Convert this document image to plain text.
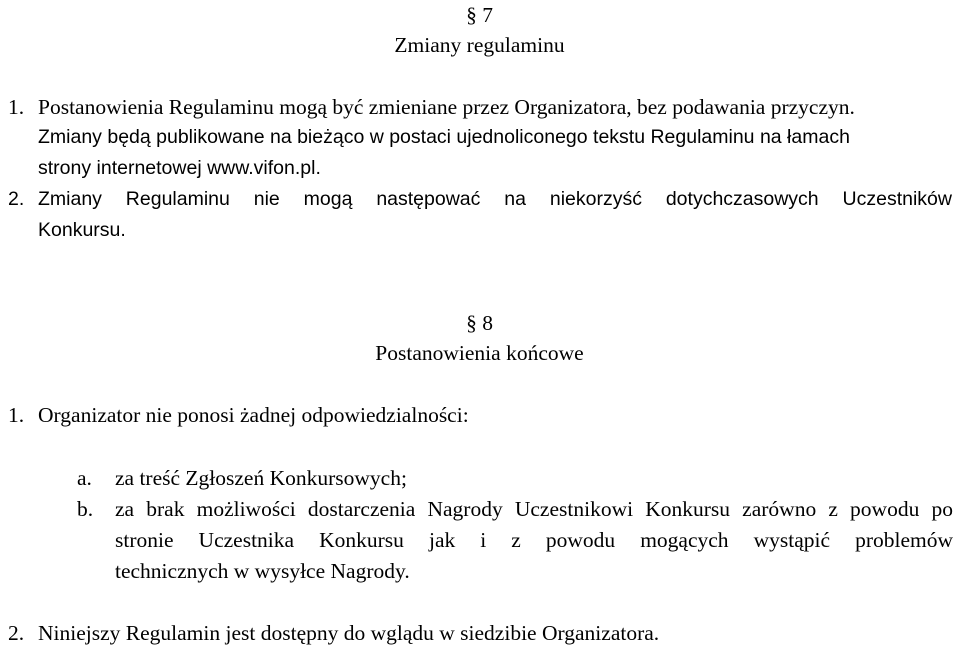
§ 7
Zmiany regulaminu
1. Postanowienia Regulaminu mogą być zmieniane przez Organizatora, bez podawania przyczyn.
Zmiany będą publikowane na bieżąco w postaci ujednoliconego tekstu Regulaminu na łamach
strony internetowej www.vifon.pl.
2. Zmiany Regulaminu nie mogą następować na niekorzyść dotychczasowych Uczestników
Konkursu.
§ 8
Postanowienia końcowe
1. Organizator nie ponosi żadnej odpowiedzialności:
a. za treść Zgłoszeń Konkursowych;
b. za brak możliwości dostarczenia Nagrody Uczestnikowi Konkursu zarówno z powodu po
stronie Uczestnika Konkursu jak i z powodu mogących wystąpić problemów
technicznych w wysyłce Nagrody.
2. Niniejszy Regulamin jest dostępny do wglądu w siedzibie Organizatora.
